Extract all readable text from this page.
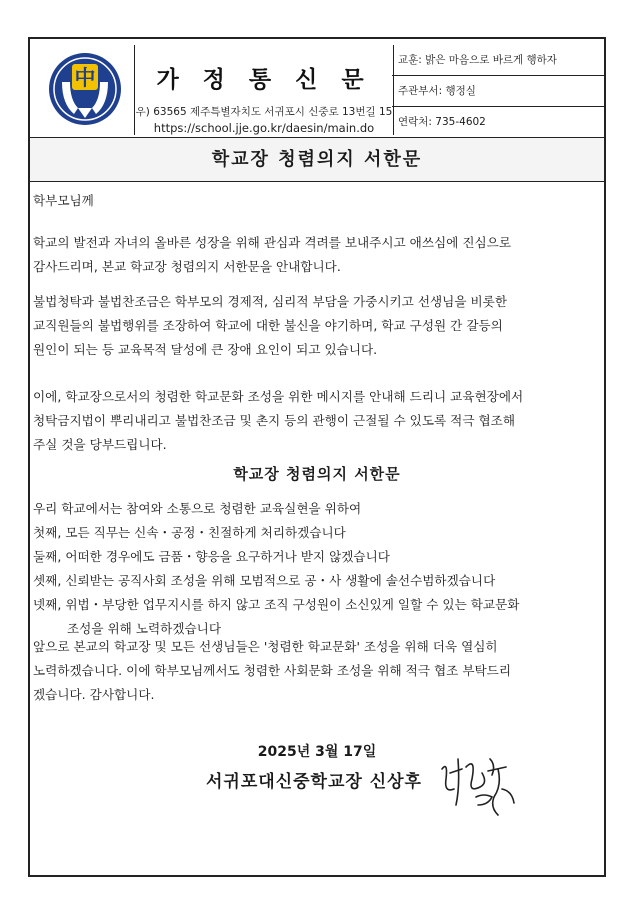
中	가 정 통 신 문
우) 63565 제주특별자치도 서귀포시 신중로 13번길 15
https://school.jje.go.kr/daesin/main.do
교훈: 밝은 마음으로 바르게 행하자
주관부서: 행정실
연락처: 735-4602
학교장 청렴의지 서한문
학부모님께
학교의 발전과 자녀의 올바른 성장을 위해 관심과 격려를 보내주시고 애쓰심에 진심으로
감사드리며, 본교 학교장 청렴의지 서한문을 안내합니다.
불법청탁과 불법찬조금은 학부모의 경제적, 심리적 부담을 가중시키고 선생님을 비롯한
교직원들의 불법행위를 조장하여 학교에 대한 불신을 야기하며, 학교 구성원 간 갈등의
원인이 되는 등 교육목적 달성에 큰 장애 요인이 되고 있습니다.
이에, 학교장으로서의 청렴한 학교문화 조성을 위한 메시지를 안내해 드리니 교육현장에서
청탁금지법이 뿌리내리고 불법찬조금 및 촌지 등의 관행이 근절될 수 있도록 적극 협조해
주실 것을 당부드립니다.
학교장 청렴의지 서한문
우리 학교에서는 참여와 소통으로 청렴한 교육실현을 위하여
첫째, 모든 직무는 신속・공정・친절하게 처리하겠습니다
둘째, 어떠한 경우에도 금품・향응을 요구하거나 받지 않겠습니다
셋째, 신뢰받는 공직사회 조성을 위해 모범적으로 공・사 생활에 솔선수범하겠습니다
넷째, 위법・부당한 업무지시를 하지 않고 조직 구성원이 소신있게 일할 수 있는 학교문화
조성을 위해 노력하겠습니다
앞으로 본교의 학교장 및 모든 선생님들은 '청렴한 학교문화' 조성을 위해 더욱 열심히
노력하겠습니다. 이에 학부모님께서도 청렴한 사회문화 조성을 위해 적극 협조 부탁드리
겠습니다. 감사합니다.
2025년 3월 17일
서귀포대신중학교장 신상후
